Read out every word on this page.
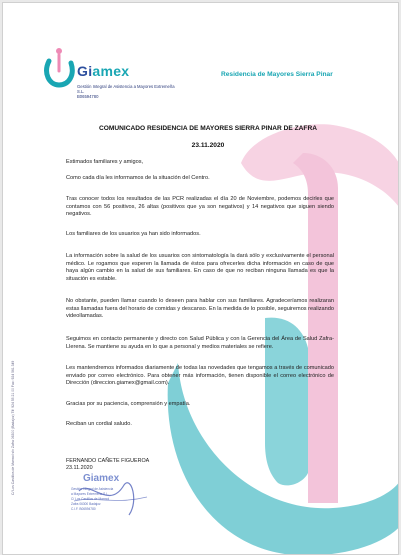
Giamex
Gestión Integral de Asistencia a Mayores Extremeña S.L.
B06594780
Residencia de Mayores Sierra Pinar
C/ Los Castillos de Marmol s/n Zafra 06300 (Badajoz) Tlf: 924 55 21 00 Fax: 924 561 349
COMUNICADO RESIDENCIA DE MAYORES SIERRA PINAR DE ZAFRA
23.11.2020
Estimados familiares y amigos,
Como cada día les informamos de la situación del Centro.
Tras conocer todos los resultados de las PCR realizadas el día 20 de Noviembre, podemos decirles que contamos con 56 positivos, 26 altas (positivos que ya son negativos) y 14 negativos que siguen siendo negativos.
Los familiares de los usuarios ya han sido informados.
La información sobre la salud de los usuarios con sintomatología la dará sólo y exclusivamente el personal médico. Le rogamos que esperen la llamada de éstos para ofrecerles dicha información en caso de que haya algún cambio en la salud de sus familiares. En caso de que no reciban ninguna llamada es que la situación es estable.
No obstante, pueden llamar cuando lo deseen para hablar con sus familiares. Agradeceríamos realizaran estas llamadas fuera del horario de comidas y descanso. En la medida de lo posible, seguiremos realizando videollamadas.
Seguimos en contacto permanente y directo con Salud Pública y con la Gerencia del Área de Salud Zafra-Llerena. Se mantiene su ayuda en lo que a personal y medios materiales se refiere.
Les mantendremos informados diariamente de todas las novedades que tengamos a través de comunicado enviado por correo electrónico. Para obtener más información, tienen disponible el correo electrónico de Dirección (direccion.giamex@gmail.com).
Gracias por su paciencia, comprensión y empatía.
Reciban un cordial saludo.
FERNANDO CAÑETE FIGUEROA
23.11.2020
Giamex
Gestión Integral de Asistencia
a Mayores Extremeña S.L.
C/ Los Castillos de Marmol
Zafra 06300 Badajoz
C.I.F. B06594780
